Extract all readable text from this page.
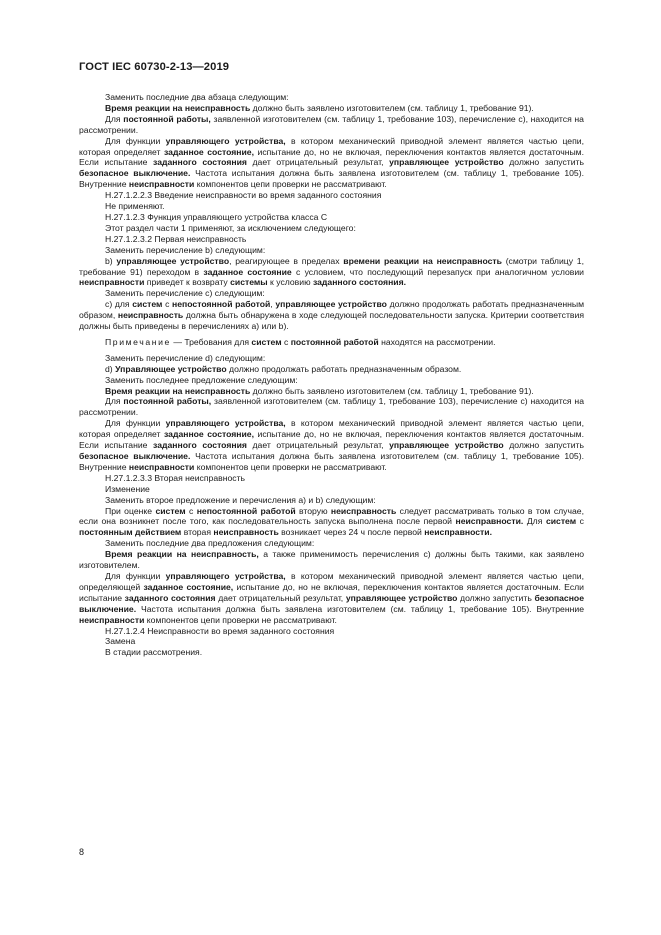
ГОСТ IEC 60730-2-13—2019

Заменить последние два абзаца следующим:

Время реакции на неисправность должно быть заявлено изготовителем (см. таблицу 1, требование 91).

Для постоянной работы, заявленной изготовителем (см. таблицу 1, требование 103), перечисление с), находится на рассмотрении.

Для функции управляющего устройства, в котором механический приводной элемент является частью цепи, которая определяет заданное состояние, испытание до, но не включая, переключения контактов является достаточным. Если испытание заданного состояния дает отрицательный результат, управляющее устройство должно запустить безопасное выключение. Частота испытания должна быть заявлена изготовителем (см. таблицу 1, требование 105). Внутренние неисправности компонентов цепи проверки не рассматривают.

Н.27.1.2.2.3 Введение неисправности во время заданного состояния

Не применяют.

Н.27.1.2.3 Функция управляющего устройства класса С

Этот раздел части 1 применяют, за исключением следующего:

Н.27.1.2.3.2 Первая неисправность

Заменить перечисление b) следующим:

b) управляющее устройство, реагирующее в пределах времени реакции на неисправность (смотри таблицу 1, требование 91) переходом в заданное состояние с условием, что последующий перезапуск при аналогичном условии неисправности приведет к возврату системы к условию заданного состояния.

Заменить перечисление с) следующим:

с) для систем с непостоянной работой, управляющее устройство должно продолжать работать предназначенным образом, неисправность должна быть обнаружена в ходе следующей последовательности запуска. Критерии соответствия должны быть приведены в перечислениях а) или b).

Примечание — Требования для систем с постоянной работой находятся на рассмотрении.

Заменить перечисление d) следующим:

d) Управляющее устройство должно продолжать работать предназначенным образом.

Заменить последнее предложение следующим:

Время реакции на неисправность должно быть заявлено изготовителем (см. таблицу 1, требование 91).

Для постоянной работы, заявленной изготовителем (см. таблицу 1, требование 103), перечисление с) находится на рассмотрении.

Для функции управляющего устройства, в котором механический приводной элемент является частью цепи, которая определяет заданное состояние, испытание до, но не включая, переключения контактов является достаточным. Если испытание заданного состояния дает отрицательный результат, управляющее устройство должно запустить безопасное выключение. Частота испытания должна быть заявлена изготовителем (см. таблицу 1, требование 105). Внутренние неисправности компонентов цепи проверки не рассматривают.

Н.27.1.2.3.3 Вторая неисправность

Изменение

Заменить второе предложение и перечисления а) и b) следующим:

При оценке систем с непостоянной работой вторую неисправность следует рассматривать только в том случае, если она возникнет после того, как последовательность запуска выполнена после первой неисправности. Для систем с постоянным действием вторая неисправность возникает через 24 ч после первой неисправности.

Заменить последние два предложения следующим:

Время реакции на неисправность, а также применимость перечисления с) должны быть такими, как заявлено изготовителем.

Для функции управляющего устройства, в котором механический приводной элемент является частью цепи, определяющей заданное состояние, испытание до, но не включая, переключения контактов является достаточным. Если испытание заданного состояния дает отрицательный результат, управляющее устройство должно запустить безопасное выключение. Частота испытания должна быть заявлена изготовителем (см. таблицу 1, требование 105). Внутренние неисправности компонентов цепи проверки не рассматривают.

Н.27.1.2.4 Неисправности во время заданного состояния

Замена

В стадии рассмотрения.

8
